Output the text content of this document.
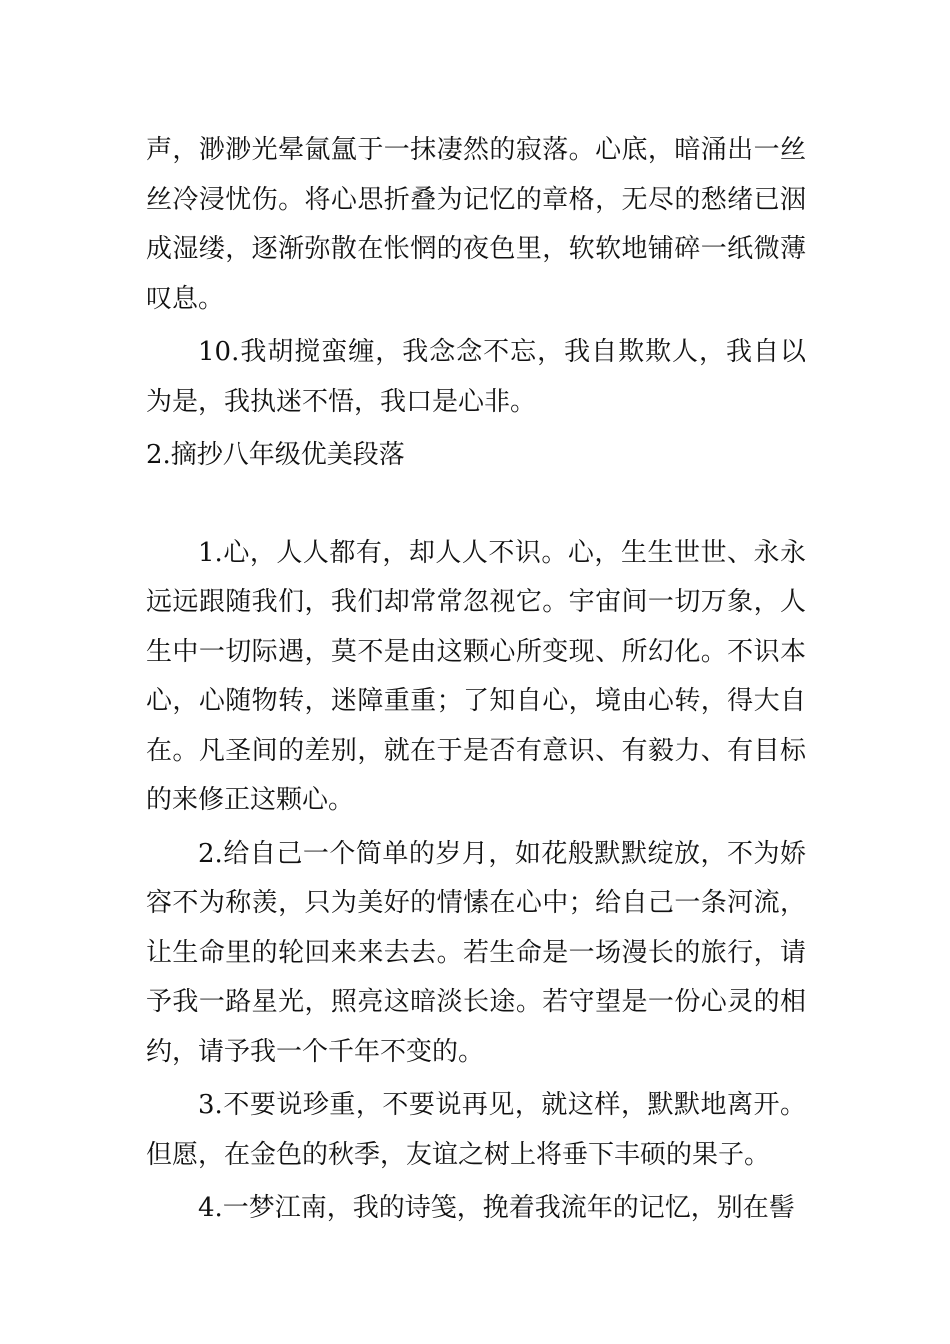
声，渺渺光晕氤氲于一抹凄然的寂落。心底，暗涌出一丝丝冷浸忧伤。将心思折叠为记忆的章格，无尽的愁绪已洇成湿缕，逐渐弥散在怅惘的夜色里，软软地铺碎一纸微薄叹息。

10.我胡搅蛮缠，我念念不忘，我自欺欺人，我自以为是，我执迷不悟，我口是心非。

2.摘抄八年级优美段落

1.心，人人都有，却人人不识。心，生生世世、永永远远跟随我们，我们却常常忽视它。宇宙间一切万象，人生中一切际遇，莫不是由这颗心所变现、所幻化。不识本心，心随物转，迷障重重；了知自心，境由心转，得大自在。凡圣间的差别，就在于是否有意识、有毅力、有目标的来修正这颗心。

2.给自己一个简单的岁月，如花般默默绽放，不为娇容不为称羡，只为美好的情愫在心中；给自己一条河流，让生命里的轮回来来去去。若生命是一场漫长的旅行，请予我一路星光，照亮这暗淡长途。若守望是一份心灵的相约，请予我一个千年不变的。

3.不要说珍重，不要说再见，就这样，默默地离开。但愿，在金色的秋季，友谊之树上将垂下丰硕的果子。

4.一梦江南，我的诗笺，挽着我流年的记忆，别在髻
